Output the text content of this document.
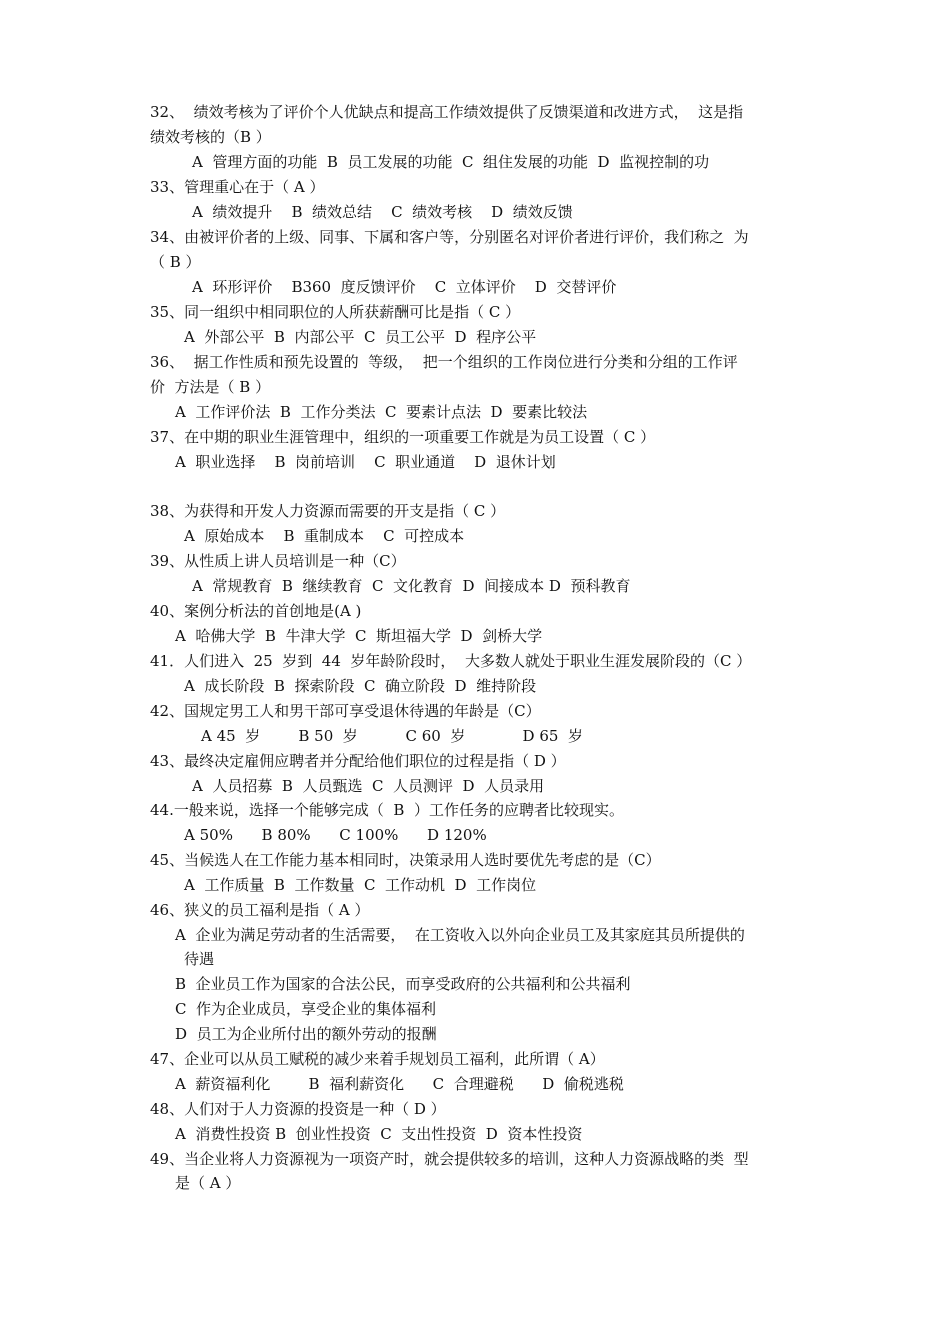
32、  绩效考核为了评价个人优缺点和提高工作绩效提供了反馈渠道和改进方式，  这是指
绩效考核的（B ）
A  管理方面的功能  B  员工发展的功能  C  组住发展的功能  D  监视控制的功
33、管理重心在于（ A ）
A  绩效提升    B  绩效总结    C  绩效考核    D  绩效反馈
34、由被评价者的上级、同事、下属和客户等，分别匿名对评价者进行评价，我们称之  为
（ B ）
A  环形评价    B360  度反馈评价    C  立体评价    D  交替评价
35、同一组织中相同职位的人所获薪酬可比是指（ C ）
A  外部公平  B  内部公平  C  员工公平  D  程序公平
36、  据工作性质和预先设置的  等级，  把一个组织的工作岗位进行分类和分组的工作评
价  方法是（ B ）
A  工作评价法  B  工作分类法  C  要素计点法  D  要素比较法
37、在中期的职业生涯管理中，组织的一项重要工作就是为员工设置（ C ）
A  职业选择    B  岗前培训    C  职业通道    D  退休计划
38、为获得和开发人力资源而需要的开支是指（ C ）
A  原始成本    B  重制成本    C  可控成本
39、从性质上讲人员培训是一种（C）
A  常规教育  B  继续教育  C  文化教育  D  间接成本 D  预科教育
40、案例分析法的首创地是(A )
A  哈佛大学  B  牛津大学  C  斯坦福大学  D  剑桥大学
41．人们进入  25  岁到  44  岁年龄阶段时，  大多数人就处于职业生涯发展阶段的（C ）
A  成长阶段  B  探索阶段  C  确立阶段  D  维持阶段
42、国规定男工人和男干部可享受退休待遇的年龄是（C）
A 45  岁        B 50  岁          C 60  岁            D 65  岁
43、最终决定雇佣应聘者并分配给他们职位的过程是指（ D ）
A  人员招募  B  人员甄选  C  人员测评  D  人员录用
44.一般来说，选择一个能够完成（  B  ）工作任务的应聘者比较现实。
A 50%      B 80%      C 100%      D 120%
45、当候选人在工作能力基本相同时，决策录用人选时要优先考虑的是（C）
A  工作质量  B  工作数量  C  工作动机  D  工作岗位
46、狭义的员工福利是指（ A ）
A  企业为满足劳动者的生活需要，  在工资收入以外向企业员工及其家庭其员所提供的
待遇
B  企业员工作为国家的合法公民，而享受政府的公共福利和公共福利
C  作为企业成员，享受企业的集体福利
D  员工为企业所付出的额外劳动的报酬
47、企业可以从员工赋税的减少来着手规划员工福利，此所谓（ A）
A  薪资福利化        B  福利薪资化      C  合理避税      D  偷税逃税
48、人们对于人力资源的投资是一种（ D ）
A  消费性投资 B  创业性投资  C  支出性投资  D  资本性投资
49、当企业将人力资源视为一项资产时，就会提供较多的培训，这种人力资源战略的类  型
是（ A ）
